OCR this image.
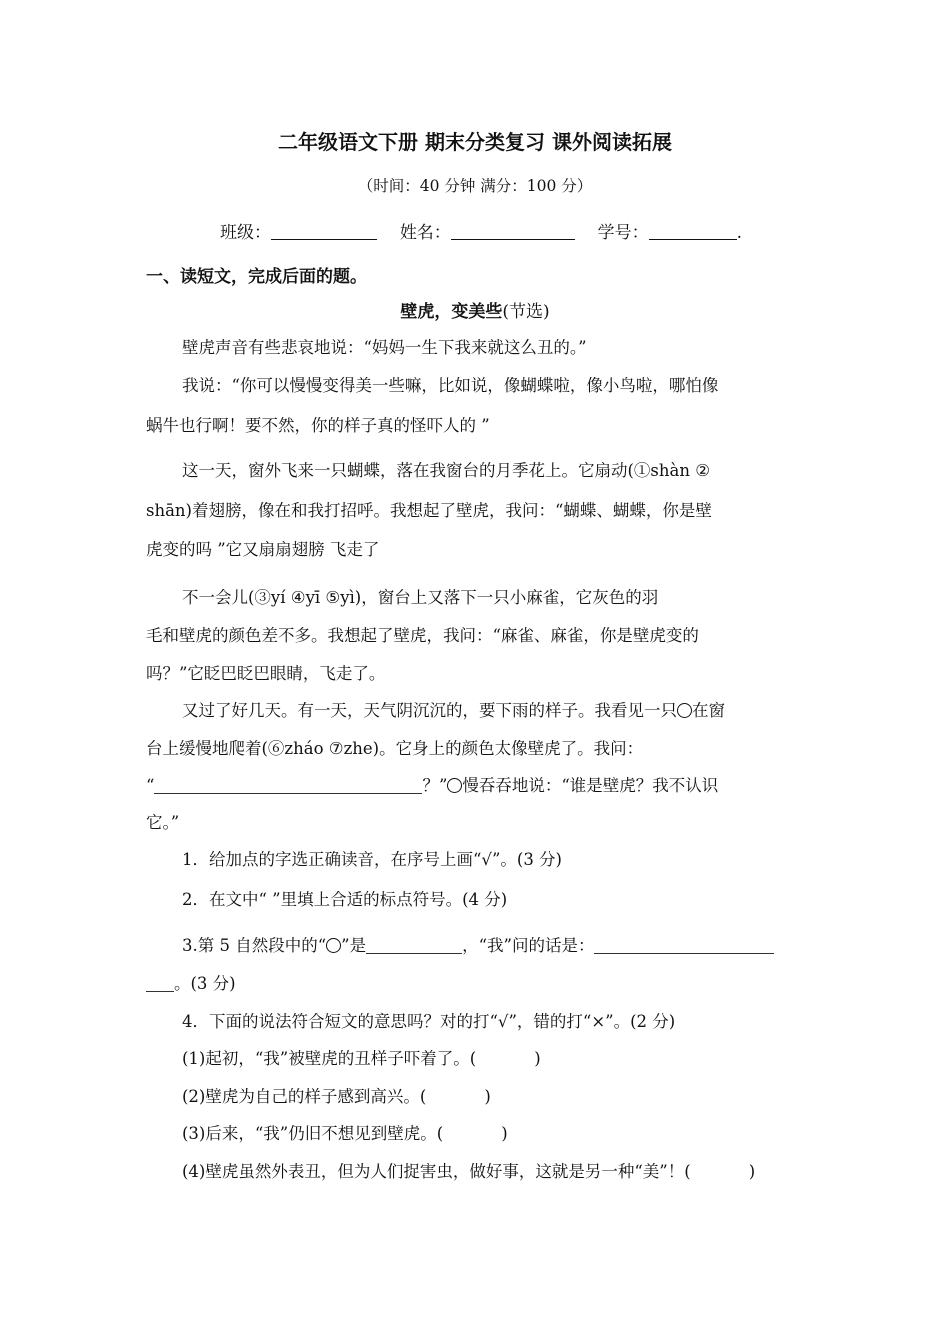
二年级语文下册 期末分类复习 课外阅读拓展
（时间：40 分钟 满分：100 分）
班级：	姓名：	学号：	.
一、读短文，完成后面的题。
壁虎，变美些(节选)
壁虎声音有些悲哀地说：“妈妈一生下我来就这么丑的。”
我说：“你可以慢慢变得美一些嘛，比如说，像蝴蝶啦，像小鸟啦，哪怕像
蜗牛也行啊！要不然，你的样子真的怪吓人的 ”
这一天，窗外飞来一只蝴蝶，落在我窗台的月季花上。它扇动(①shàn ②
shān)着翅膀，像在和我打招呼。我想起了壁虎，我问：“蝴蝶、蝴蝶，你是壁
虎变的吗 ”它又扇扇翅膀 飞走了
不一会儿(③yí ④yī ⑤yì)，窗台上又落下一只小麻雀，它灰色的羽
毛和壁虎的颜色差不多。我想起了壁虎，我问：“麻雀、麻雀，你是壁虎变的
吗？”它眨巴眨巴眼睛，飞走了。
又过了好几天。有一天，天气阴沉沉的，要下雨的样子。我看见一只 在窗
台上缓慢地爬着(⑥zháo ⑦zhe)。它身上的颜色太像壁虎了。我问：
“	？” 慢吞吞地说：“谁是壁虎？我不认识
它。”
1．给加点的字选正确读音，在序号上画“√”。(3 分)
2．在文中“ ”里填上合适的标点符号。(4 分)
3.第 5 自然段中的“ ”是	，“我”问的话是：
。(3 分)
4．下面的说法符合短文的意思吗？对的打“√”，错的打“×”。(2 分)
(1)起初，“我”被壁虎的丑样子吓着了。(	)
(2)壁虎为自己的样子感到高兴。(	)
(3)后来，“我”仍旧不想见到壁虎。(	)
(4)壁虎虽然外表丑，但为人们捉害虫，做好事，这就是另一种“美”！(	)
